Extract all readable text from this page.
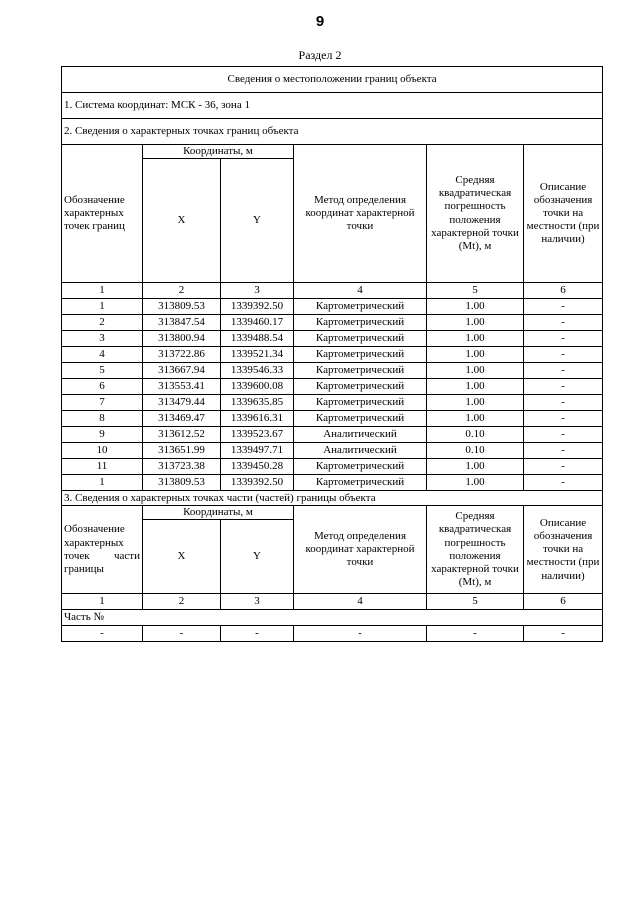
9
Раздел 2
Сведения о местоположении границ объекта					
1. Система координат: МСК - 36, зона 1					
2. Сведения о характерных точках границ объекта					
Обозначение характерных точек границ	Координаты, м		Метод определения координат характерной точки	Средняя квадратическая погрешность положения характерной точки (Mt), м	Описание обозначения точки на местности (при наличии)
	X	Y			
1	2	3	4	5	6
1	313809.53	1339392.50	Картометрический	1.00	-
2	313847.54	1339460.17	Картометрический	1.00	-
3	313800.94	1339488.54	Картометрический	1.00	-
4	313722.86	1339521.34	Картометрический	1.00	-
5	313667.94	1339546.33	Картометрический	1.00	-
6	313553.41	1339600.08	Картометрический	1.00	-
7	313479.44	1339635.85	Картометрический	1.00	-
8	313469.47	1339616.31	Картометрический	1.00	-
9	313612.52	1339523.67	Аналитический	0.10	-
10	313651.99	1339497.71	Аналитический	0.10	-
11	313723.38	1339450.28	Картометрический	1.00	-
1	313809.53	1339392.50	Картометрический	1.00	-
3. Сведения о характерных точках части (частей) границы объекта					

Обозначение характерных точек части границы	Координаты, м		Метод определения координат характерной точки	Средняя квадратическая погрешность положения характерной точки (Mt), м	Описание обозначения точки на местности (при наличии)
	X	Y			
1	2	3	4	5	6
Часть №					
-	-	-	-	-	-
